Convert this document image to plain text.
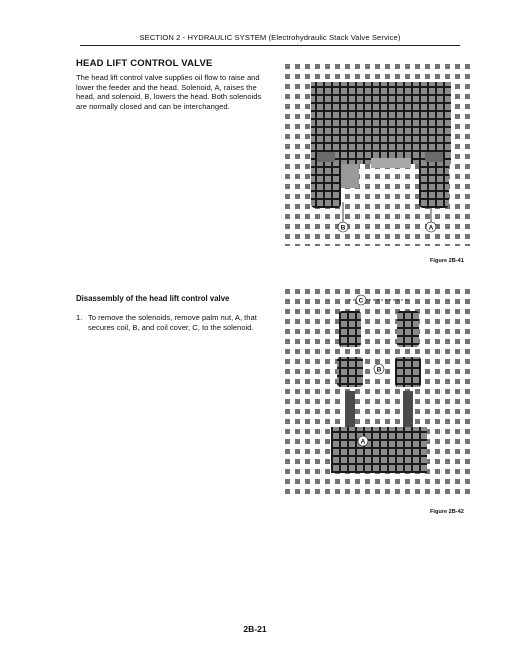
SECTION 2 - HYDRAULIC SYSTEM (Electrohydraulic Stack Valve Service)
HEAD LIFT CONTROL VALVE
The head lift control valve supplies oil flow to raise and lower the feeder and the head. Solenoid, A, raises the head, and solenoid, B, lowers the head. Both solenoids are normally closed and can be interchanged.
B	A
Figure 2B-41
Disassembly of the head lift control valve
1. To remove the solenoids, remove palm nut, A, that secures coil, B, and coil cover, C, to the solenoid.
C
B
A
Figure 2B-42
2B-21
